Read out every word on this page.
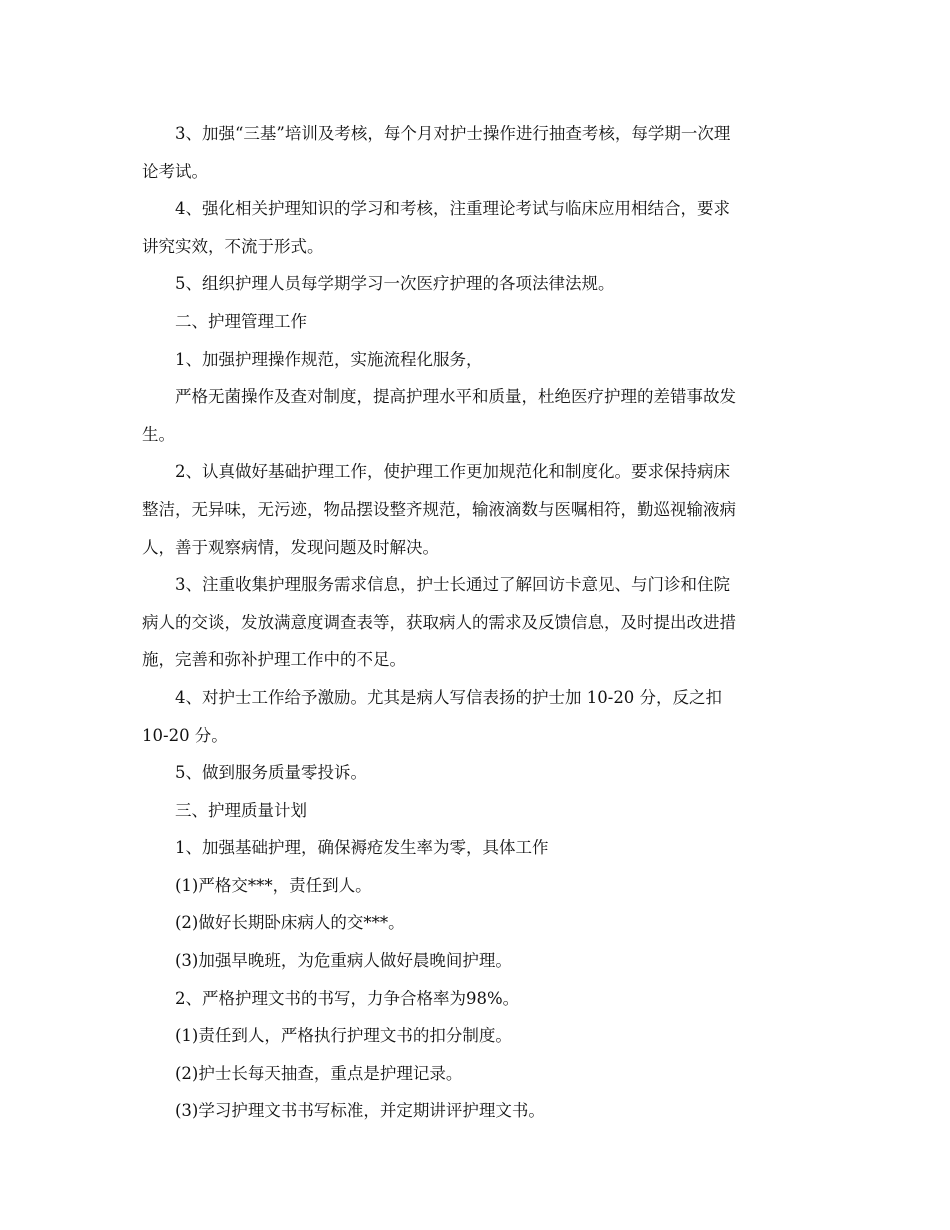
3、加强“三基”培训及考核，每个月对护士操作进行抽查考核，每学期一次理

论考试。

4、强化相关护理知识的学习和考核，注重理论考试与临床应用相结合，要求

讲究实效，不流于形式。

5、组织护理人员每学期学习一次医疗护理的各项法律法规。

二、护理管理工作

1、加强护理操作规范，实施流程化服务，

严格无菌操作及查对制度，提高护理水平和质量，杜绝医疗护理的差错事故发

生。

2、认真做好基础护理工作，使护理工作更加规范化和制度化。要求保持病床

整洁，无异味，无污迹，物品摆设整齐规范，输液滴数与医嘱相符，勤巡视输液病

人，善于观察病情，发现问题及时解决。

3、注重收集护理服务需求信息，护士长通过了解回访卡意见、与门诊和住院

病人的交谈，发放满意度调查表等，获取病人的需求及反馈信息，及时提出改进措

施，完善和弥补护理工作中的不足。

4、对护士工作给予激励。尤其是病人写信表扬的护士加 10-20 分，反之扣

10-20 分。

5、做到服务质量零投诉。

三、护理质量计划

1、加强基础护理，确保褥疮发生率为零，具体工作

(1)严格交***，责任到人。

(2)做好长期卧床病人的交***。

(3)加强早晚班，为危重病人做好晨晚间护理。

2、严格护理文书的书写，力争合格率为98%。

(1)责任到人，严格执行护理文书的扣分制度。

(2)护士长每天抽查，重点是护理记录。

(3)学习护理文书书写标准，并定期讲评护理文书。
